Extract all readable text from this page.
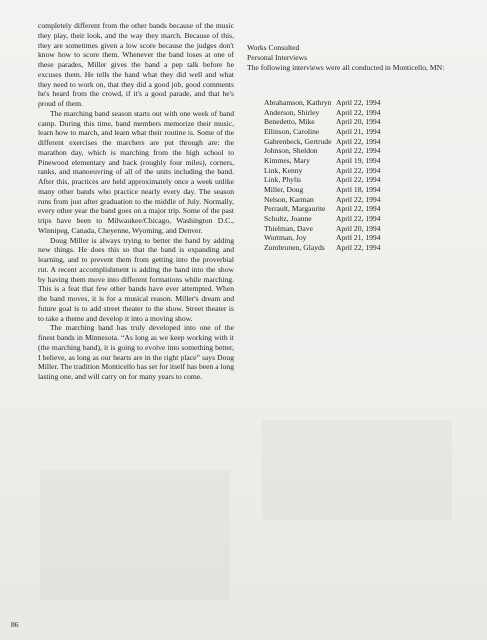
completely different from the other bands because of the music they play, their look, and the way they march. Because of this, they are sometimes given a low score because the judges don't know how to score them. Whenever the band loses at one of these parades, Miller gives the band a pep talk before he excuses them. He tells the band what they did well and what they need to work on, that they did a good job, good comments he's heard from the crowd, if it's a good parade, and that he's proud of them.

The marching band season starts out with one week of band camp. During this time, band members memorize their music, learn how to march, and learn what their routine is. Some of the different exercises the marchers are put through are: the marathon day, which is marching from the high school to Pinewood elementary and back (roughly four miles), corners, ranks, and manoeuvring of all of the units including the band. After this, practices are held approximately once a week unlike many other bands who practice nearly every day. The season runs from just after graduation to the middle of July. Normally, every other year the band goes on a major trip. Some of the past trips have been to Milwaukee/Chicago, Washington D.C., Winnipeg, Canada, Cheyenne, Wyoming, and Denver.

Doug Miller is always trying to better the band by adding new things. He does this so that the band is expanding and learning, and to prevent them from getting into the proverbial rut. A recent accomplishment is adding the band into the show by having them move into different formations while marching. This is a feat that few other bands have ever attempted. When the band moves, it is for a musical reason. Miller's dream and future goal is to add street theater to the show. Street theater is to take a theme and develop it into a moving show.

The marching band has truly developed into one of the finest bands in Minnesota. “As long as we keep working with it (the marching band), it is going to evolve into something better, I believe, as long as our hearts are in the right place” says Doug Miller. The tradition Monticello has set for itself has been a long lasting one, and will carry on for many years to come.

Works Consulted

Personal Interviews

The following interviews were all conducted in Monticello, MN:

Abrahamson, Kathryn April 22, 1994
Anderson, Shirley	April 22, 1994
Benedetto, Mike	April 20, 1994
Ellinson, Caroline	April 21, 1994
Gahrenbeck, Gertrude April 22, 1994
Johnson, Sheldon	April 22, 1994
Kimmes, Mary	April 19, 1994
Link, Kenny	April 22, 1994
Link, Phylis	April 22, 1994
Miller, Doug	April 18, 1994
Nelson, Karman	April 22, 1994
Perrault, Margaurite	April 22, 1994
Schultz, Joanne	April 22, 1994
Thielman, Dave	April 20, 1994
Wortman, Joy	April 21, 1994
Zumbrunen, Glayds	April 22, 1994
86
